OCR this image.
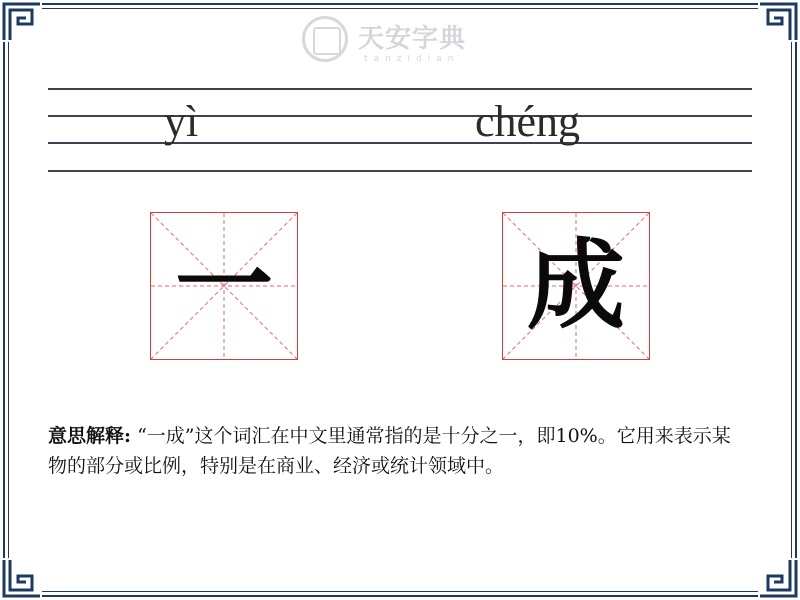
天安字典
tanzidian
yì	chéng
一	成
意思解释: “一成”这个词汇在中文里通常指的是十分之一，即10%。它用来表示某物的部分或比例，特别是在商业、经济或统计领域中。
